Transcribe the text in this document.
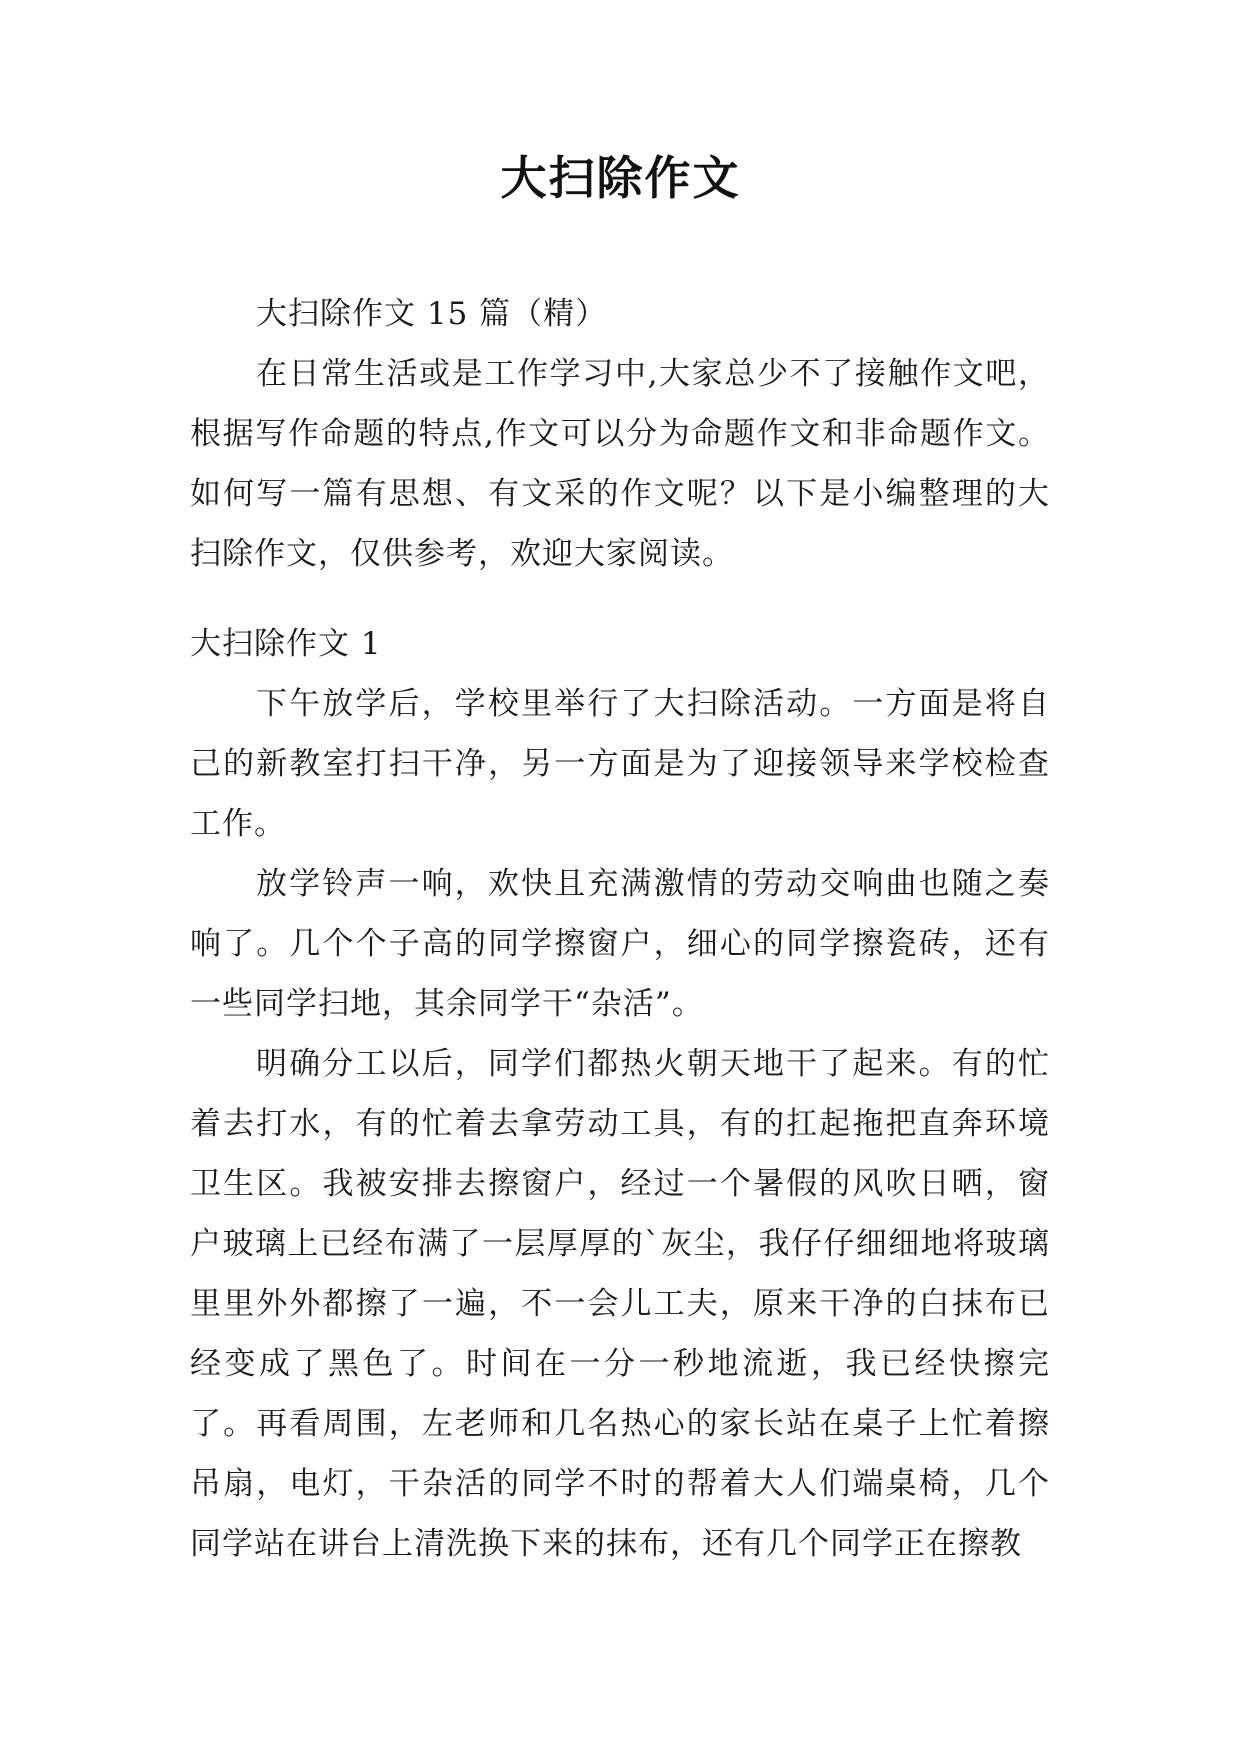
大扫除作文

大扫除作文 15 篇（精）

在日常生活或是工作学习中,大家总少不了接触作文吧，根据写作命题的特点,作文可以分为命题作文和非命题作文。如何写一篇有思想、有文采的作文呢？以下是小编整理的大扫除作文，仅供参考，欢迎大家阅读。

大扫除作文 1

下午放学后，学校里举行了大扫除活动。一方面是将自己的新教室打扫干净，另一方面是为了迎接领导来学校检查工作。

放学铃声一响，欢快且充满激情的劳动交响曲也随之奏响了。几个个子高的同学擦窗户，细心的同学擦瓷砖，还有一些同学扫地，其余同学干“杂活”。

明确分工以后，同学们都热火朝天地干了起来。有的忙着去打水，有的忙着去拿劳动工具，有的扛起拖把直奔环境卫生区。我被安排去擦窗户，经过一个暑假的风吹日晒，窗户玻璃上已经布满了一层厚厚的`灰尘，我仔仔细细地将玻璃里里外外都擦了一遍，不一会儿工夫，原来干净的白抹布已经变成了黑色了。时间在一分一秒地流逝，我已经快擦完了。再看周围，左老师和几名热心的家长站在桌子上忙着擦吊扇，电灯，干杂活的同学不时的帮着大人们端桌椅，几个同学站在讲台上清洗换下来的抹布，还有几个同学正在擦教
